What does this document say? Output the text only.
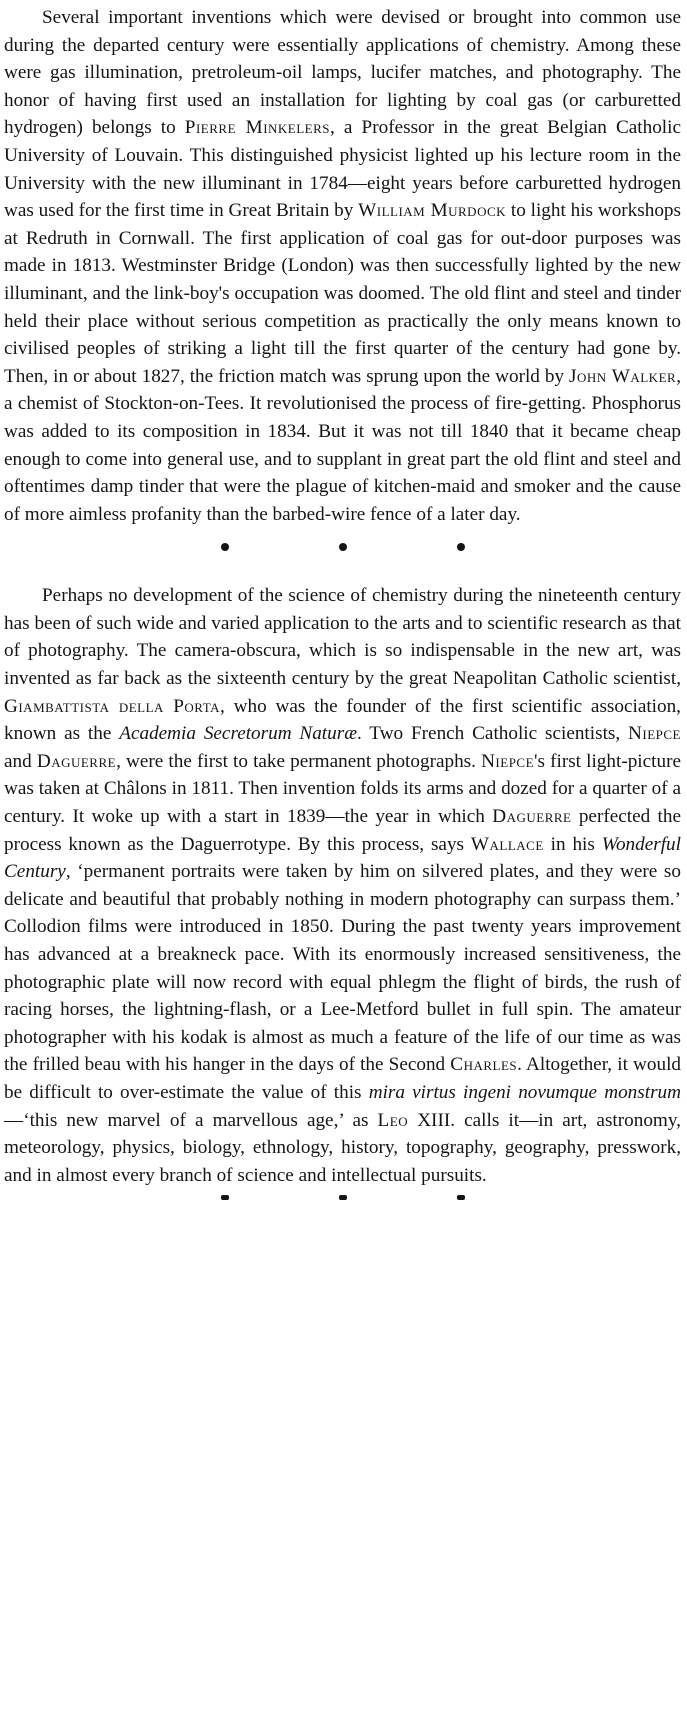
Several important inventions which were devised or brought into common use during the departed century were essentially applications of chemistry. Among these were gas illumination, pretroleum-oil lamps, lucifer matches, and photography. The honor of having first used an installation for lighting by coal gas (or carburetted hydrogen) belongs to Pierre Minkelers, a Professor in the great Belgian Catholic University of Louvain. This distinguished physicist lighted up his lecture room in the University with the new illuminant in 1784—eight years before carburetted hydrogen was used for the first time in Great Britain by William Murdock to light his workshops at Redruth in Cornwall. The first application of coal gas for out-door purposes was made in 1813. Westminster Bridge (London) was then successfully lighted by the new illuminant, and the link-boy's occupation was doomed. The old flint and steel and tinder held their place without serious competition as practically the only means known to civilised peoples of striking a light till the first quarter of the century had gone by. Then, in or about 1827, the friction match was sprung upon the world by John Walker, a chemist of Stockton-on-Tees. It revolutionised the process of fire-getting. Phosphorus was added to its composition in 1834. But it was not till 1840 that it became cheap enough to come into general use, and to supplant in great part the old flint and steel and oftentimes damp tinder that were the plague of kitchen-maid and smoker and the cause of more aimless profanity than the barbed-wire fence of a later day.

Perhaps no development of the science of chemistry during the nineteenth century has been of such wide and varied application to the arts and to scientific research as that of photography. The camera-obscura, which is so indispensable in the new art, was invented as far back as the sixteenth century by the great Neapolitan Catholic scientist, Giambattista della Porta, who was the founder of the first scientific association, known as the Academia Secretorum Naturæ. Two French Catholic scientists, Niepce and Daguerre, were the first to take permanent photographs. Niepce's first light-picture was taken at Châlons in 1811. Then invention folds its arms and dozed for a quarter of a century. It woke up with a start in 1839—the year in which Daguerre perfected the process known as the Daguerrotype. By this process, says Wallace in his Wonderful Century, ‘permanent portraits were taken by him on silvered plates, and they were so delicate and beautiful that probably nothing in modern photography can surpass them.’ Collodion films were introduced in 1850. During the past twenty years improvement has advanced at a breakneck pace. With its enormously increased sensitiveness, the photographic plate will now record with equal phlegm the flight of birds, the rush of racing horses, the lightning-flash, or a Lee-Metford bullet in full spin. The amateur photographer with his kodak is almost as much a feature of the life of our time as was the frilled beau with his hanger in the days of the Second Charles. Altogether, it would be difficult to over-estimate the value of this mira virtus ingeni novumque monstrum—‘this new marvel of a marvellous age,’ as Leo XIII. calls it—in art, astronomy, meteorology, physics, biology, ethnology, history, topography, geography, presswork, and in almost every branch of science and intellectual pursuits.
